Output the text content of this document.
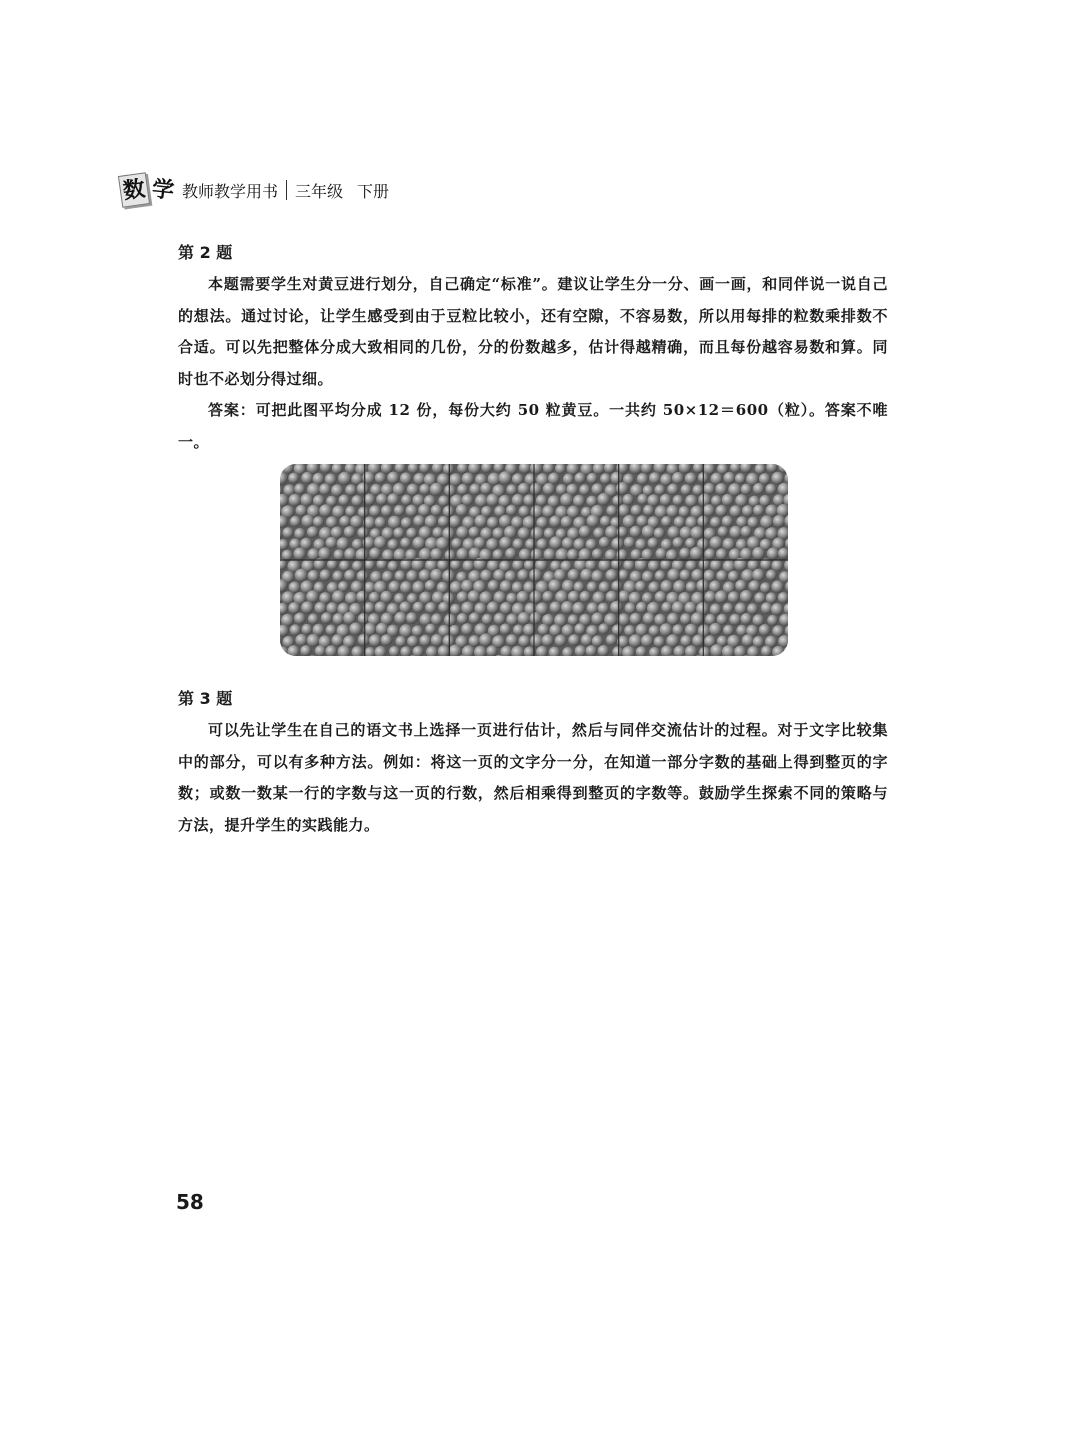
数 学 教师教学用书 三年级 下册

第 2 题

本题需要学生对黄豆进行划分，自己确定“标准”。建议让学生分一分、画一画，和同伴说一说自己的想法。通过讨论，让学生感受到由于豆粒比较小，还有空隙，不容易数，所以用每排的粒数乘排数不合适。可以先把整体分成大致相同的几份，分的份数越多，估计得越精确，而且每份越容易数和算。同时也不必划分得过细。

答案：可把此图平均分成 12 份，每份大约 50 粒黄豆。一共约 50×12＝600（粒）。答案不唯一。

第 3 题

可以先让学生在自己的语文书上选择一页进行估计，然后与同伴交流估计的过程。对于文字比较集中的部分，可以有多种方法。例如：将这一页的文字分一分，在知道一部分字数的基础上得到整页的字数；或数一数某一行的字数与这一页的行数，然后相乘得到整页的字数等。鼓励学生探索不同的策略与方法，提升学生的实践能力。

58
